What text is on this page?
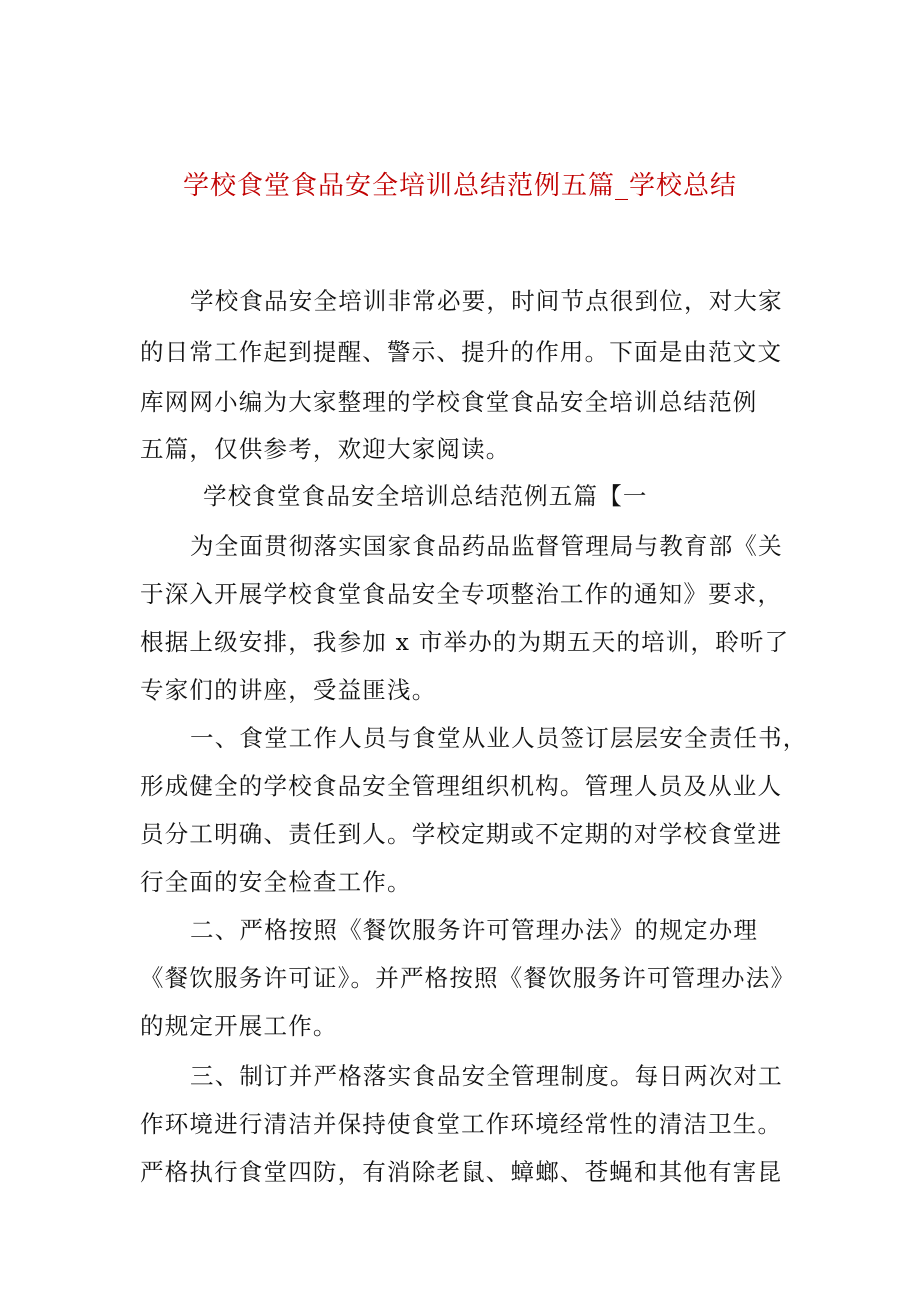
学校食堂食品安全培训总结范例五篇_学校总结
学校食品安全培训非常必要，时间节点很到位，对大家
的日常工作起到提醒、警示、提升的作用。下面是由范文文
库网网小编为大家整理的学校食堂食品安全培训总结范例
五篇，仅供参考，欢迎大家阅读。
学校食堂食品安全培训总结范例五篇【一
为全面贯彻落实国家食品药品监督管理局与教育部《关
于深入开展学校食堂食品安全专项整治工作的通知》要求，
根据上级安排，我参加 x 市举办的为期五天的培训，聆听了
专家们的讲座，受益匪浅。
一、食堂工作人员与食堂从业人员签订层层安全责任书，
形成健全的学校食品安全管理组织机构。管理人员及从业人
员分工明确、责任到人。学校定期或不定期的对学校食堂进
行全面的安全检查工作。
二、严格按照《餐饮服务许可管理办法》的规定办理
《餐饮服务许可证》。并严格按照《餐饮服务许可管理办法》
的规定开展工作。
三、制订并严格落实食品安全管理制度。每日两次对工
作环境进行清洁并保持使食堂工作环境经常性的清洁卫生。
严格执行食堂四防，有消除老鼠、蟑螂、苍蝇和其他有害昆
